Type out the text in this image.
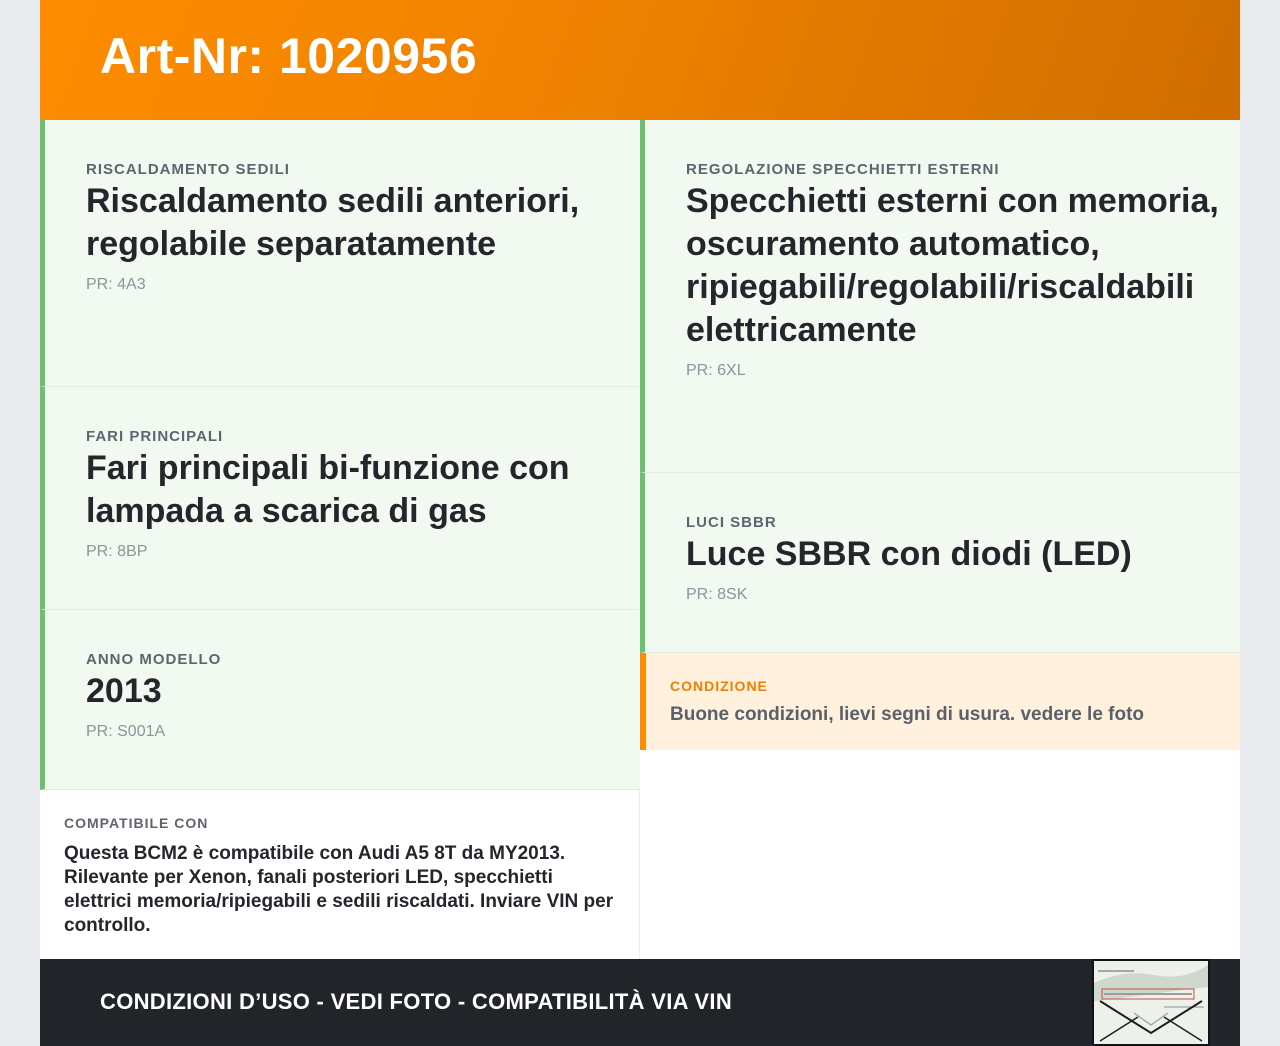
Art-Nr: 1020956
RISCALDAMENTO SEDILI
Riscaldamento sedili anteriori, regolabile separatamente
PR: 4A3
FARI PRINCIPALI
Fari principali bi-funzione con lampada a scarica di gas
PR: 8BP
ANNO MODELLO
2013
PR: S001A
COMPATIBILE CON
Questa BCM2 è compatibile con Audi A5 8T da MY2013. Rilevante per Xenon, fanali posteriori LED, specchietti elettrici memoria/ripiegabili e sedili riscaldati. Inviare VIN per controllo.
REGOLAZIONE SPECCHIETTI ESTERNI
Specchietti esterni con memoria, oscuramento automatico, ripiegabili/regolabili/riscaldabili elettricamente
PR: 6XL
LUCI SBBR
Luce SBBR con diodi (LED)
PR: 8SK
CONDIZIONE
Buone condizioni, lievi segni di usura. vedere le foto
CONDIZIONI D’USO - VEDI FOTO - COMPATIBILITÀ VIA VIN
